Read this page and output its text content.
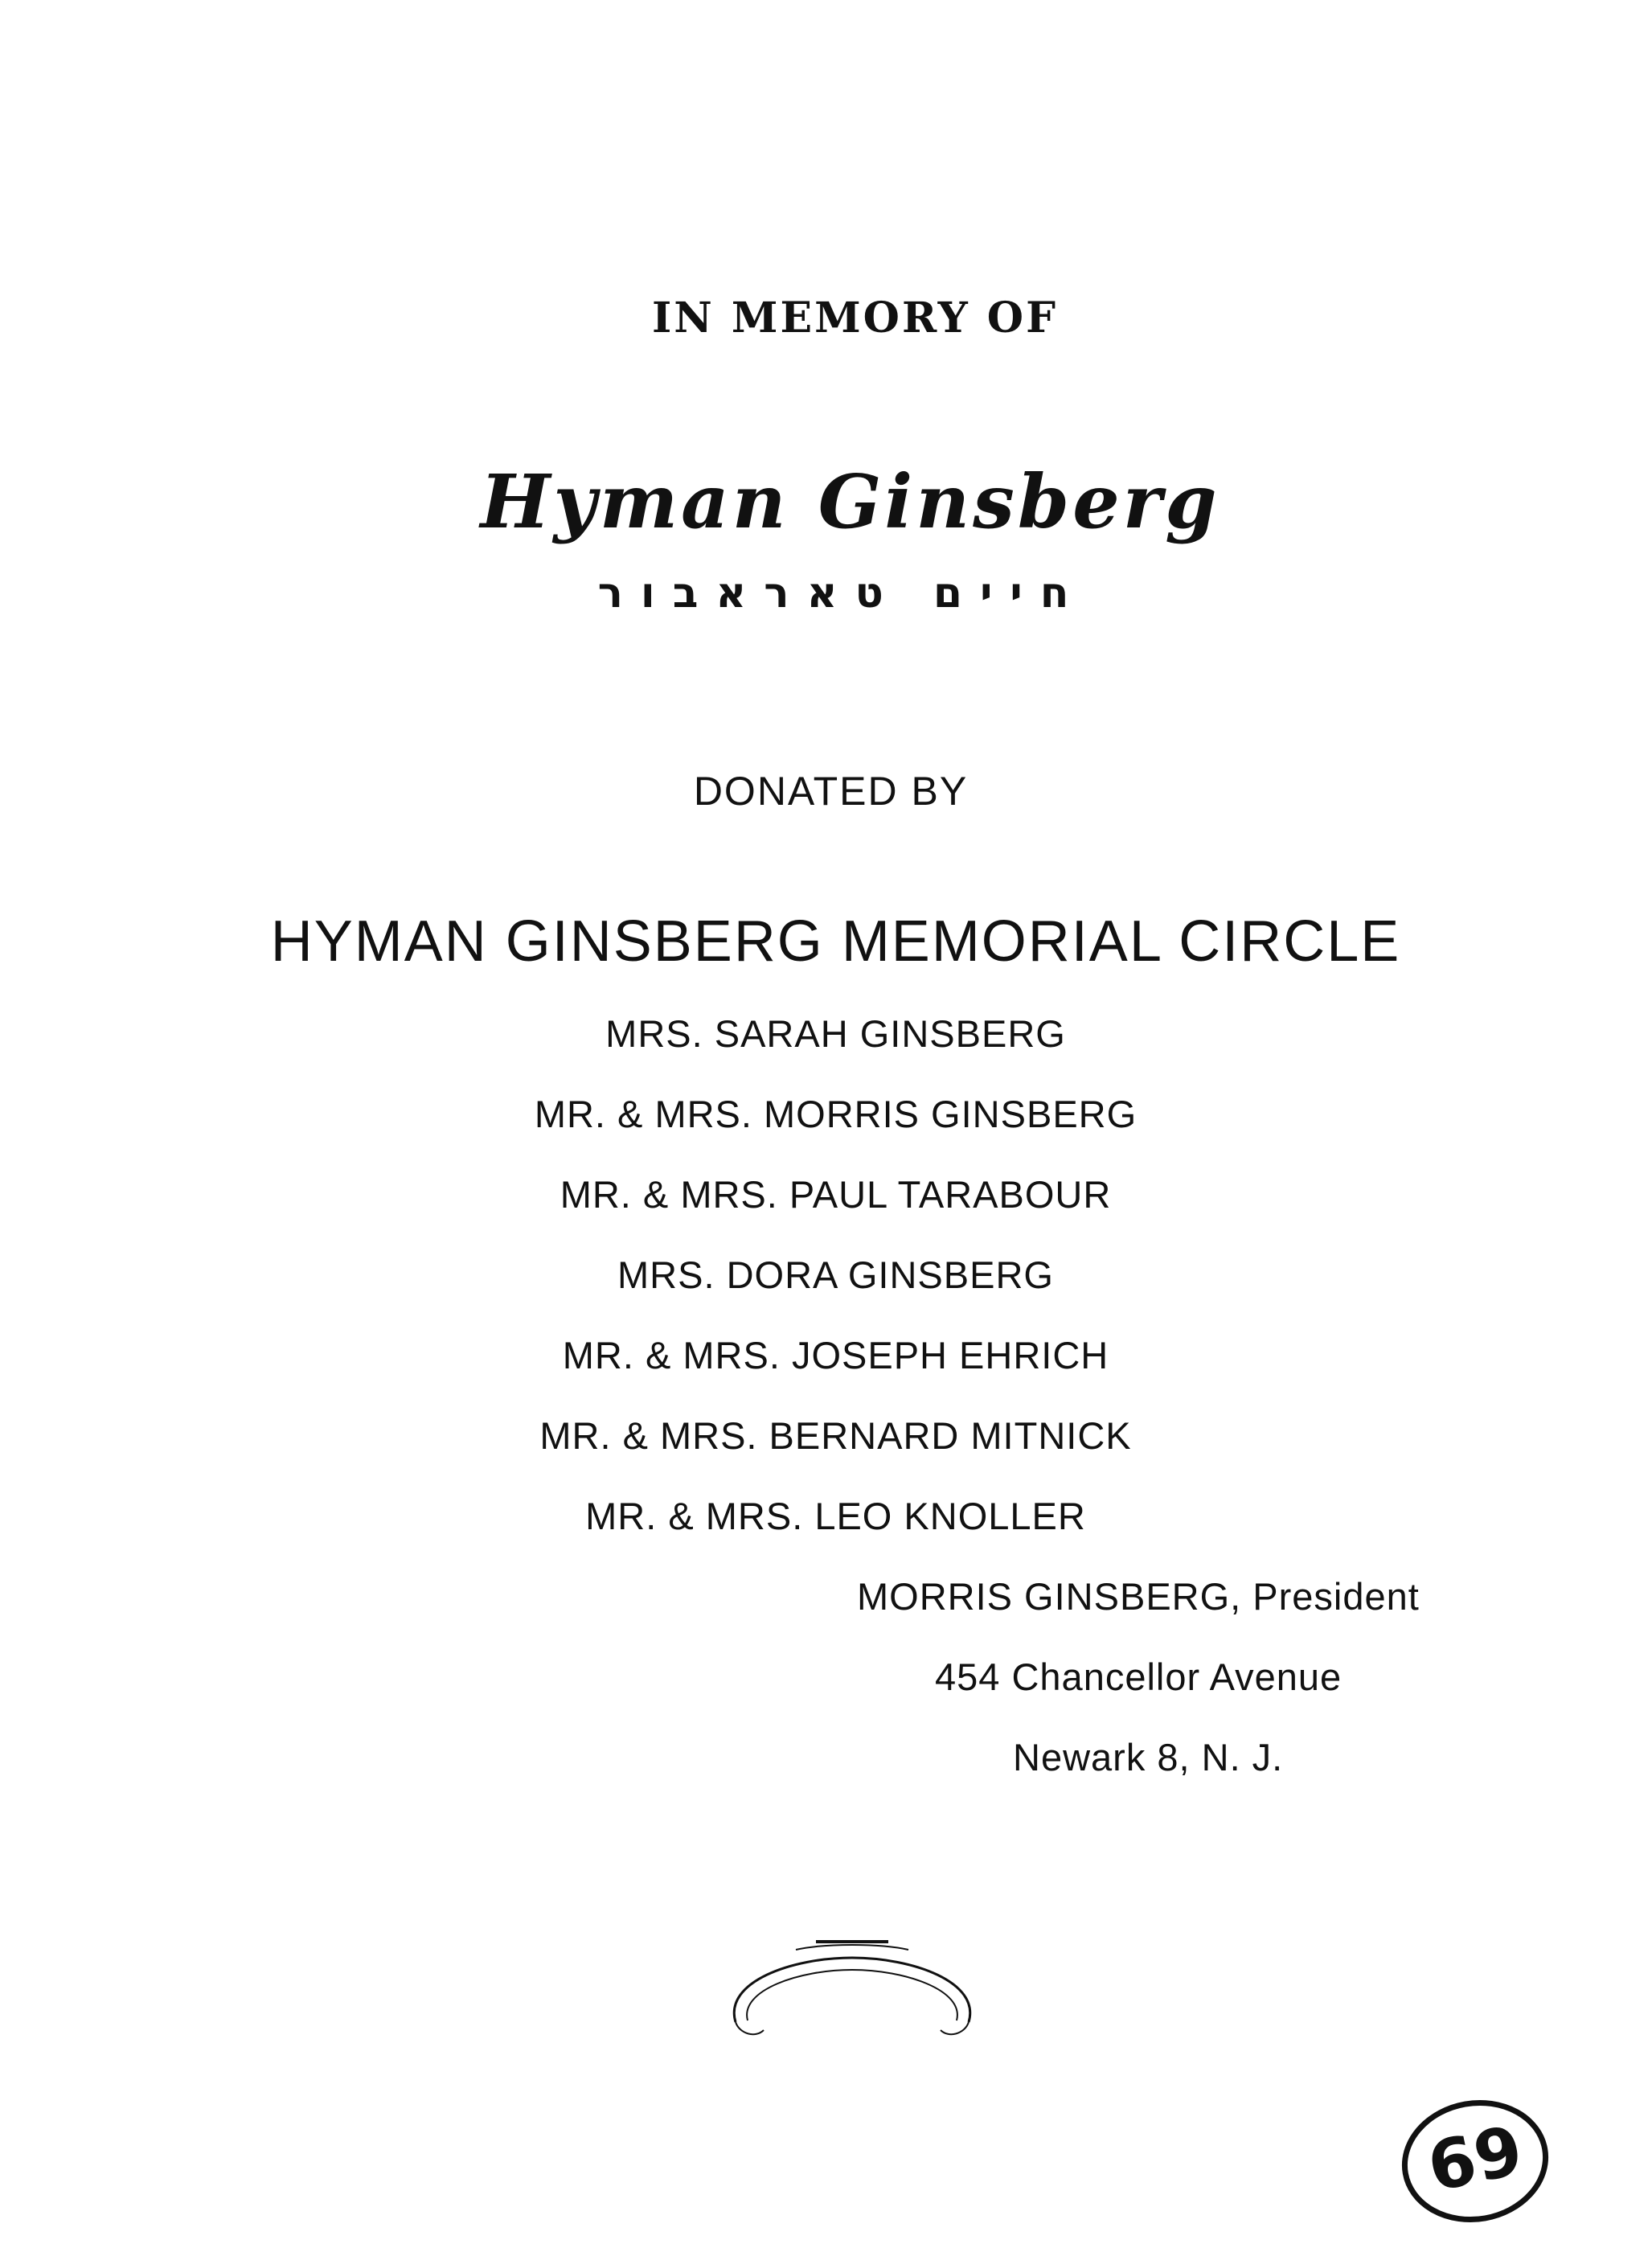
IN MEMORY OF
Hyman Ginsberg
חיים טאראבור
DONATED BY
HYMAN GINSBERG MEMORIAL CIRCLE
MRS. SARAH GINSBERG
MR. & MRS. MORRIS GINSBERG
MR. & MRS. PAUL TARABOUR
MRS. DORA GINSBERG
MR. & MRS. JOSEPH EHRICH
MR. & MRS. BERNARD MITNICK
MR. & MRS. LEO KNOLLER
MORRIS GINSBERG, President
454 Chancellor Avenue
Newark 8, N. J.
69
